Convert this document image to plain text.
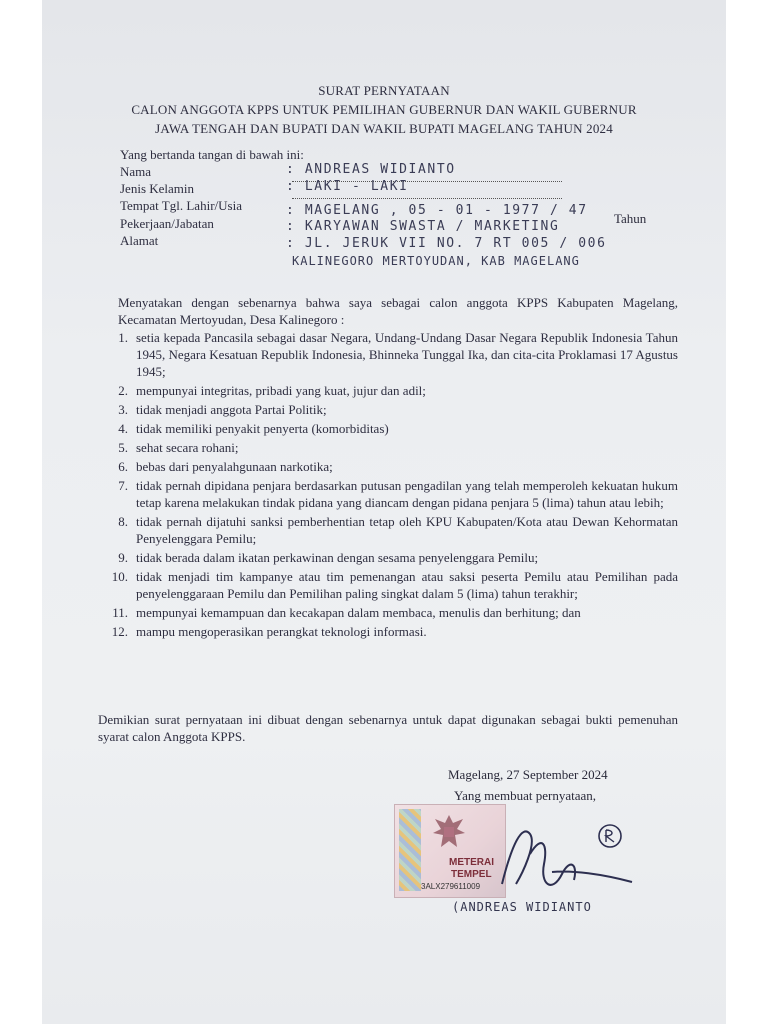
SURAT PERNYATAAN
CALON ANGGOTA KPPS UNTUK PEMILIHAN GUBERNUR DAN WAKIL GUBERNUR
JAWA TENGAH DAN BUPATI DAN WAKIL BUPATI MAGELANG TAHUN 2024
Yang bertanda tangan di bawah ini:
Nama	: ANDREAS WIDIANTO
Jenis Kelamin	: LAKI - LAKI
Tempat Tgl. Lahir/Usia	: MAGELANG , 05 - 01 - 1977 / 47
Tahun
Pekerjaan/Jabatan	: KARYAWAN SWASTA / MARKETING
Alamat	: JL. JERUK VII NO. 7 RT 005 / 006
KALINEGORO MERTOYUDAN, KAB MAGELANG
Menyatakan dengan sebenarnya bahwa saya sebagai calon anggota KPPS Kabupaten Magelang, Kecamatan Mertoyudan, Desa Kalinegoro :
1. setia kepada Pancasila sebagai dasar Negara, Undang-Undang Dasar Negara Republik Indonesia Tahun 1945, Negara Kesatuan Republik Indonesia, Bhinneka Tunggal Ika, dan cita-cita Proklamasi 17 Agustus 1945;
2. mempunyai integritas, pribadi yang kuat, jujur dan adil;
3. tidak menjadi anggota Partai Politik;
4. tidak memiliki penyakit penyerta (komorbiditas)
5. sehat secara rohani;
6. bebas dari penyalahgunaan narkotika;
7. tidak pernah dipidana penjara berdasarkan putusan pengadilan yang telah memperoleh kekuatan hukum tetap karena melakukan tindak pidana yang diancam dengan pidana penjara 5 (lima) tahun atau lebih;
8. tidak pernah dijatuhi sanksi pemberhentian tetap oleh KPU Kabupaten/Kota atau Dewan Kehormatan Penyelenggara Pemilu;
9. tidak berada dalam ikatan perkawinan dengan sesama penyelenggara Pemilu;
10. tidak menjadi tim kampanye atau tim pemenangan atau saksi peserta Pemilu atau Pemilihan pada penyelenggaraan Pemilu dan Pemilihan paling singkat dalam 5 (lima) tahun terakhir;
11. mempunyai kemampuan dan kecakapan dalam membaca, menulis dan berhitung; dan
12. mampu mengoperasikan perangkat teknologi informasi.
Demikian surat pernyataan ini dibuat dengan sebenarnya untuk dapat digunakan sebagai bukti pemenuhan syarat calon Anggota KPPS.
Magelang, 27 September 2024
Yang membuat pernyataan,
METERAI
TEMPEL
3ALX279611009
(ANDREAS WIDIANTO
